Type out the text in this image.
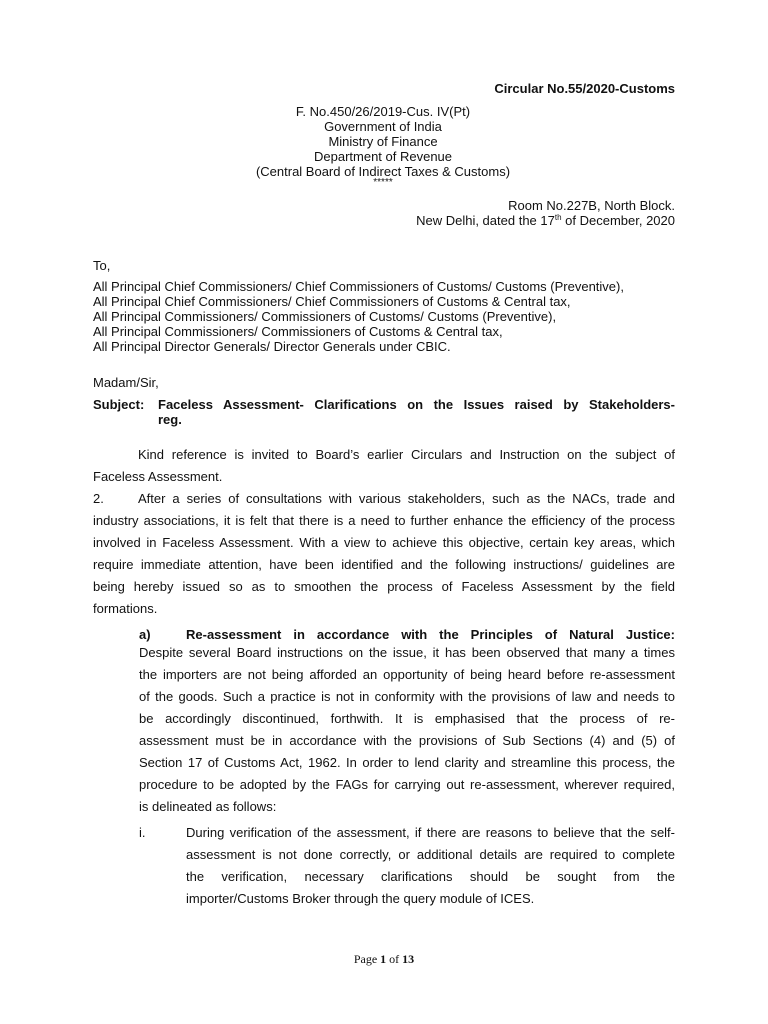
Circular No.55/2020-Customs
F. No.450/26/2019-Cus. IV(Pt)
Government of India
Ministry of Finance
Department of Revenue
(Central Board of Indirect Taxes & Customs)
*****
Room No.227B, North Block.
New Delhi, dated the 17th of December, 2020
To,
All Principal Chief Commissioners/ Chief Commissioners of Customs/ Customs (Preventive),
All Principal Chief Commissioners/ Chief Commissioners of Customs & Central tax,
All Principal Commissioners/ Commissioners of Customs/ Customs (Preventive),
All Principal Commissioners/ Commissioners of Customs & Central tax,
All Principal Director Generals/ Director Generals under CBIC.
Madam/Sir,
Subject: Faceless Assessment- Clarifications on the Issues raised by Stakeholders-
reg.
Kind reference is invited to Board’s earlier Circulars and Instruction on the subject of
Faceless Assessment.
2.	After a series of consultations with various stakeholders, such as the NACs, trade and
industry associations, it is felt that there is a need to further enhance the efficiency of the process
involved in Faceless Assessment. With a view to achieve this objective, certain key areas, which
require immediate attention, have been identified and the following instructions/ guidelines are
being hereby issued so as to smoothen the process of Faceless Assessment by the field
formations.
a)	Re-assessment in accordance with the Principles of Natural Justice:
Despite several Board instructions on the issue, it has been observed that many a times
the importers are not being afforded an opportunity of being heard before re-assessment
of the goods. Such a practice is not in conformity with the provisions of law and needs to
be accordingly discontinued, forthwith. It is emphasised that the process of re-
assessment must be in accordance with the provisions of Sub Sections (4) and (5) of
Section 17 of Customs Act, 1962. In order to lend clarity and streamline this process, the
procedure to be adopted by the FAGs for carrying out re-assessment, wherever required,
is delineated as follows:
i.	During verification of the assessment, if there are reasons to believe that the self-
assessment is not done correctly, or additional details are required to complete
the verification, necessary clarifications should be sought from the
importer/Customs Broker through the query module of ICES.
Page 1 of 13
